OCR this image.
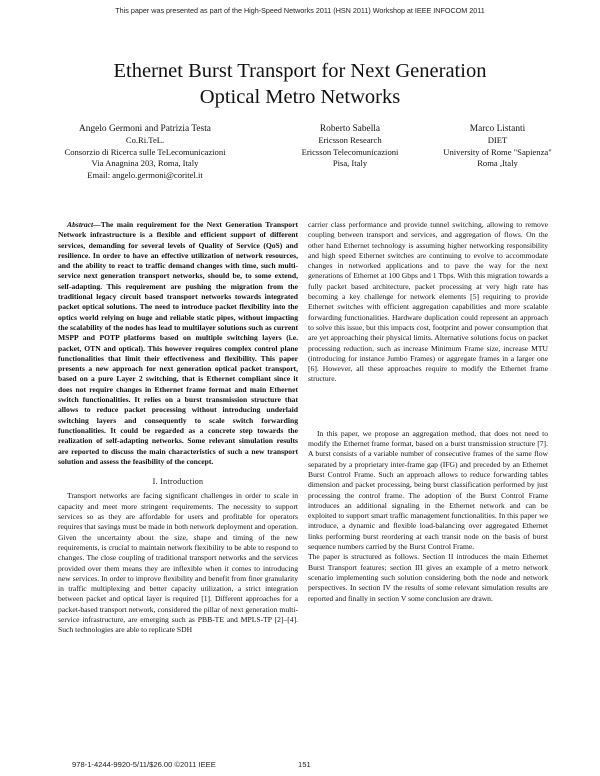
This paper was presented as part of the High-Speed Networks 2011 (HSN 2011) Workshop at IEEE INFOCOM 2011
Ethernet Burst Transport for Next Generation
Optical Metro Networks
Angelo Germoni and Patrizia Testa
Co.Ri.TeL.
Consorzio di Ricerca sulle TeLecomunicazioni
Via Anagnina 203, Roma, Italy
Email: angelo.germoni@coritel.it
Roberto Sabella
Ericsson Research
Ericsson Telecomunicazioni
Pisa, Italy
Marco Listanti
DIET
University of Rome "Sapienza"
Roma ,Italy

Abstract—The main requirement for the Next Generation Transport Network infrastructure is a flexible and efficient support of different services, demanding for several levels of Quality of Service (QoS) and resilience. In order to have an effective utilization of network resources, and the ability to react to traffic demand changes with time, such multi-service next generation transport networks, should be, to some extend, self-adapting. This requirement are pushing the migration from the traditional legacy circuit based transport networks towards integrated packet optical solutions. The need to introduce packet flexibility into the optics world relying on huge and reliable static pipes, without impacting the scalability of the nodes has lead to multilayer solutions such as current MSPP and POTP platforms based on multiple switching layers (i.e. packet, OTN and optical). This however requires complex control plane functionalities that limit their effectiveness and flexibility. This paper presents a new approach for next generation optical packet transport, based on a pure Layer 2 switching, that is Ethernet compliant since it does not require changes in Ethernet frame format and main Ethernet switch functionalities. It relies on a burst transmission structure that allows to reduce packet processing without introducing underlaid switching layers and consequently to scale switch forwarding functionalities. It could be regarded as a concrete step towards the realization of self-adapting networks. Some relevant simulation results are reported to discuss the main characteristics of such a new transport solution and assess the feasibility of the concept.

I. Introduction

Transport networks are facing significant challenges in order to scale in capacity and meet more stringent requirements. The necessity to support services so as they are affordable for users and profitable for operators requires that savings must be made in both network deployment and operation. Given the uncertainty about the size, shape and timing of the new requirements, is crucial to maintain network flexibility to be able to respond to changes. The close coupling of traditional transport networks and the services provided over them means they are inflexible when it comes to introducing new services. In order to improve flexibility and benefit from finer granularity in traffic multiplexing and better capacity utilization, a strict integration between packet and optical layer is required [1]. Different approaches for a packet-based transport network, considered the pillar of next generation multi-service infrastructure, are emerging such as PBB-TE and MPLS-TP [2]–[4]. Such technologies are able to replicate SDH

carrier class performance and provide tunnel switching, allowing to remove coupling between transport and services, and aggregation of flows. On the other hand Ethernet technology is assuming higher networking responsibility and high speed Ethernet switches are continuing to evolve to accommodate changes in networked applications and to pave the way for the next generations of Ethernet at 100 Gbps and 1 Tbps. With this migration towards a fully packet based architecture, packet processing at very high rate has becoming a key challenge for network elements [5] requiring to provide Ethernet switches with efficient aggregation capabilities and more scalable forwarding functionalities. Hardware duplication could represent an approach to solve this issue, but this impacts cost, footprint and power consumption that are yet approaching their physical limits. Alternative solutions focus on packet processing reduction, such as increase Minimum Frame size, increase MTU (introducing for instance Jumbo Frames) or aggregate frames in a larger one [6]. However, all these approaches require to modify the Ethernet frame structure.

In this paper, we propose an aggregation method, that does not need to modify the Ethernet frame format, based on a burst transmission structure [7]. A burst consists of a variable number of consecutive frames of the same flow separated by a proprietary inter-frame gap (IFG) and preceded by an Ethernet Burst Control Frame. Such an approach allows to reduce forwarding tables dimension and packet processing, being burst classification performed by just processing the control frame. The adoption of the Burst Control Frame introduces an additional signaling in the Ethernet network and can be exploited to support smart traffic management functionalities. In this paper we introduce, a dynamic and flexible load-balancing over aggregated Ethernet links performing burst reordering at each transit node on the basis of burst sequence numbers carried by the Burst Control Frame.

The paper is structured as follows. Section II introduces the main Ethernet Burst Transport features; section III gives an example of a metro network scenario implementing such solution considering both the node and network perspectives. In section IV the results of some relevant simulation results are reported and finally in section V some conclusion are drawn.

978-1-4244-9920-5/11/$26.00 ©2011 IEEE	151
